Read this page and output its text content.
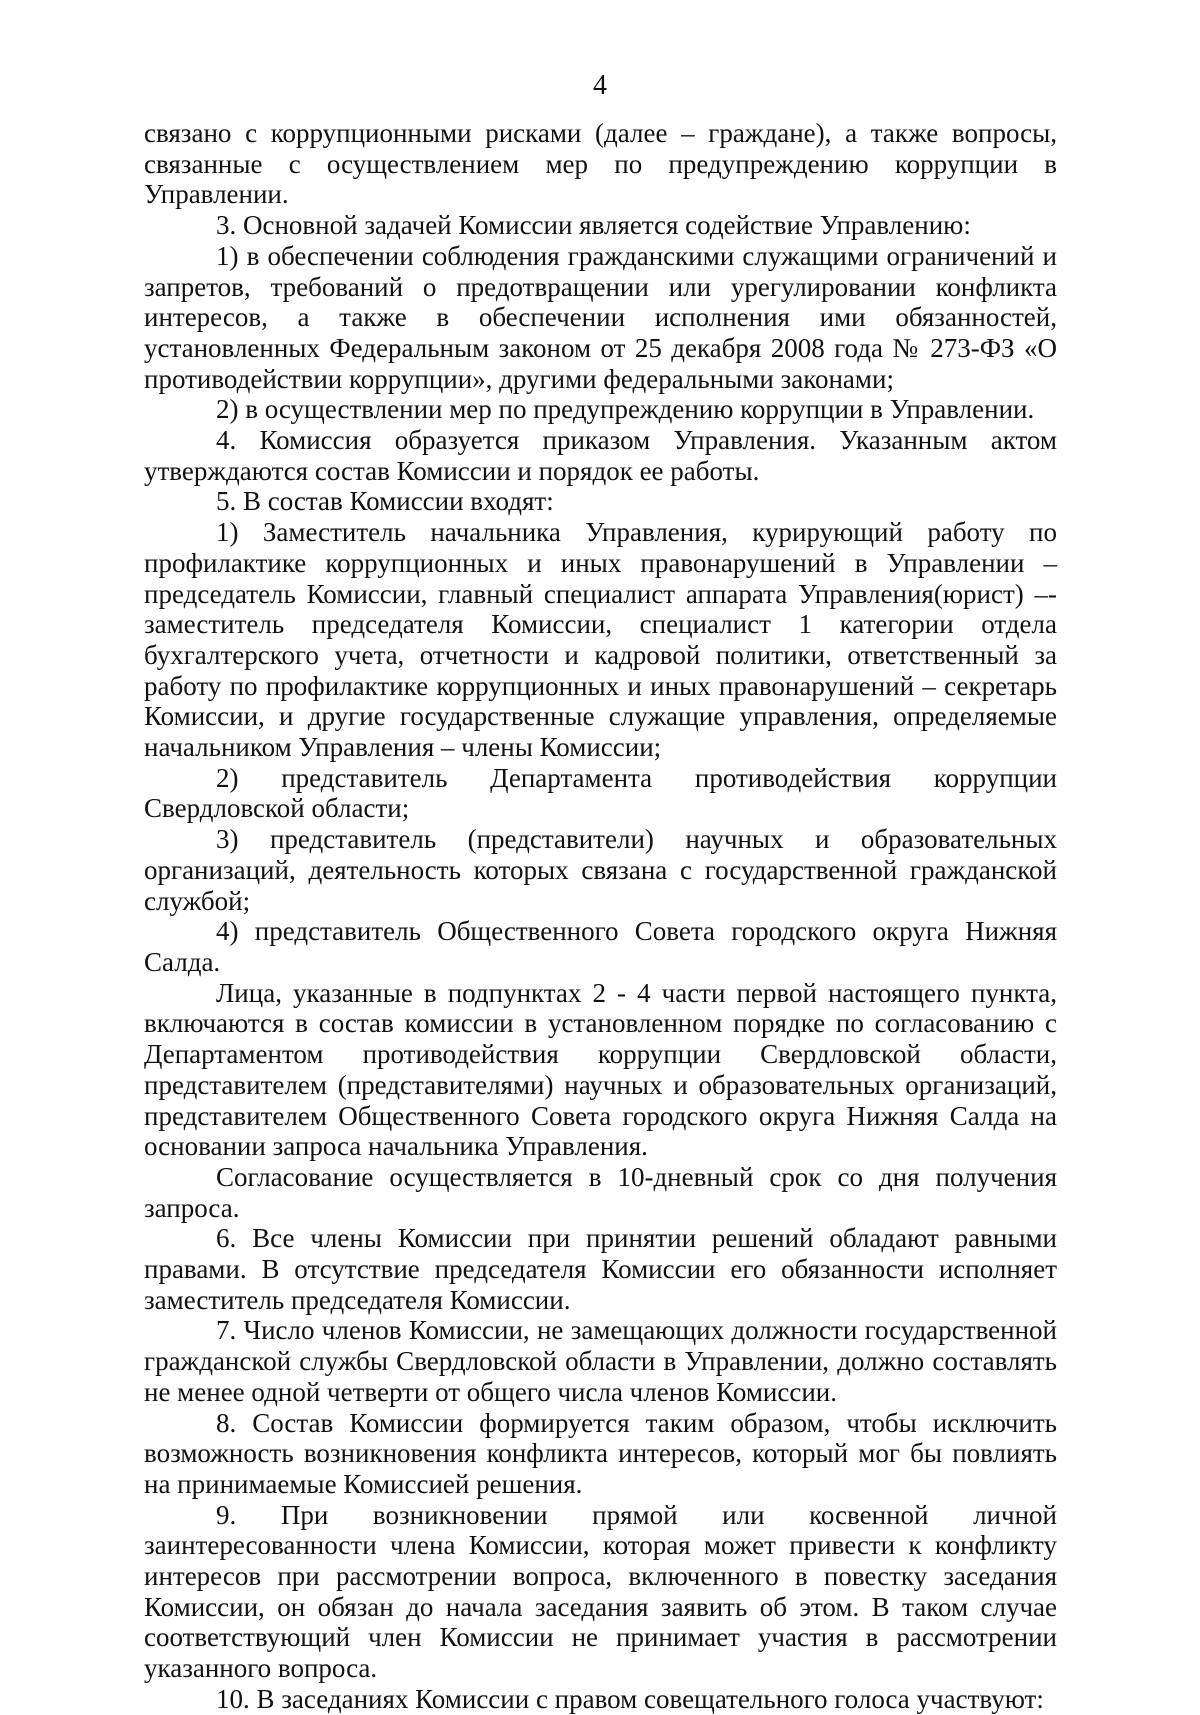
4

связано с коррупционными рисками (далее – граждане), а также вопросы, связанные с осуществлением мер по предупреждению коррупции в Управлении.

3. Основной задачей Комиссии является содействие Управлению:

1) в обеспечении соблюдения гражданскими служащими ограничений и запретов, требований о предотвращении или урегулировании конфликта интересов, а также в обеспечении исполнения ими обязанностей, установленных Федеральным законом от 25 декабря 2008 года № 273-ФЗ «О противодействии коррупции», другими федеральными законами;

2) в осуществлении мер по предупреждению коррупции в Управлении.

4. Комиссия образуется приказом Управления. Указанным актом утверждаются состав Комиссии и порядок ее работы.

5. В состав Комиссии входят:

1) Заместитель начальника Управления, курирующий работу по профилактике коррупционных и иных правонарушений в Управлении – председатель Комиссии, главный специалист аппарата Управления(юрист) –- заместитель председателя Комиссии, специалист 1 категории отдела бухгалтерского учета, отчетности и кадровой политики, ответственный за работу по профилактике коррупционных и иных правонарушений – секретарь Комиссии, и другие государственные служащие управления, определяемые начальником Управления – члены Комиссии;

2) представитель Департамента противодействия коррупции Свердловской области;

3) представитель (представители) научных и образовательных организаций, деятельность которых связана с государственной гражданской службой;

4) представитель Общественного Совета городского округа Нижняя Салда.

Лица, указанные в подпунктах 2 - 4 части первой настоящего пункта, включаются в состав комиссии в установленном порядке по согласованию с Департаментом противодействия коррупции Свердловской области, представителем (представителями) научных и образовательных организаций, представителем Общественного Совета городского округа Нижняя Салда на основании запроса начальника Управления.

Согласование осуществляется в 10-дневный срок со дня получения запроса.

6. Все члены Комиссии при принятии решений обладают равными правами. В отсутствие председателя Комиссии его обязанности исполняет заместитель председателя Комиссии.

7. Число членов Комиссии, не замещающих должности государственной гражданской службы Свердловской области в Управлении, должно составлять не менее одной четверти от общего числа членов Комиссии.

8. Состав Комиссии формируется таким образом, чтобы исключить возможность возникновения конфликта интересов, который мог бы повлиять на принимаемые Комиссией решения.

9. При возникновении прямой или косвенной личной заинтересованности члена Комиссии, которая может привести к конфликту интересов при рассмотрении вопроса, включенного в повестку заседания Комиссии, он обязан до начала заседания заявить об этом. В таком случае соответствующий член Комиссии не принимает участия в рассмотрении указанного вопроса.

10. В заседаниях Комиссии с правом совещательного голоса участвуют:
